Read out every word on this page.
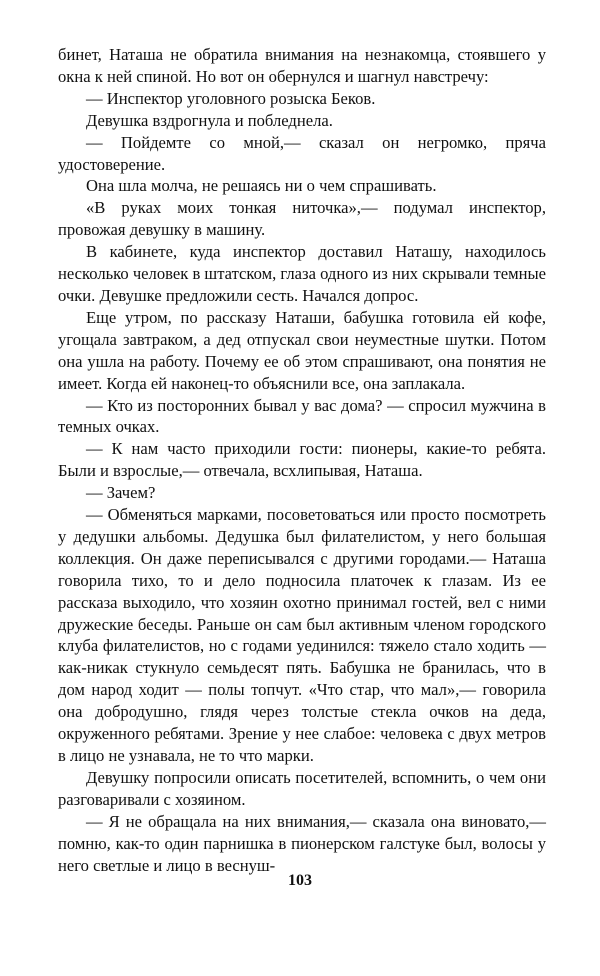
бинет, Наташа не обратила внимания на незнакомца, стоявшего у окна к ней спиной. Но вот он обернулся и шагнул навстречу:

— Инспектор уголовного розыска Беков.

Девушка вздрогнула и побледнела.

— Пойдемте со мной,— сказал он негромко, пряча удостоверение.

Она шла молча, не решаясь ни о чем спрашивать.

«В руках моих тонкая ниточка»,— подумал инспектор, провожая девушку в машину.

В кабинете, куда инспектор доставил Наташу, находилось несколько человек в штатском, глаза одного из них скрывали темные очки. Девушке предложили сесть. Начался допрос.

Еще утром, по рассказу Наташи, бабушка готовила ей кофе, угощала завтраком, а дед отпускал свои неуместные шутки. Потом она ушла на работу. Почему ее об этом спрашивают, она понятия не имеет. Когда ей наконец-то объяснили все, она заплакала.

— Кто из посторонних бывал у вас дома? — спросил мужчина в темных очках.

— К нам часто приходили гости: пионеры, какие-то ребята. Были и взрослые,— отвечала, всхлипывая, Наташа.

— Зачем?

— Обменяться марками, посоветоваться или просто посмотреть у дедушки альбомы. Дедушка был филателистом, у него большая коллекция. Он даже переписывался с другими городами.— Наташа говорила тихо, то и дело подносила платочек к глазам. Из ее рассказа выходило, что хозяин охотно принимал гостей, вел с ними дружеские беседы. Раньше он сам был активным членом городского клуба филателистов, но с годами уединился: тяжело стало ходить — как-никак стукнуло семьдесят пять. Бабушка не бранилась, что в дом народ ходит — полы топчут. «Что стар, что мал»,— говорила она добродушно, глядя через толстые стекла очков на деда, окруженного ребятами. Зрение у нее слабое: человека с двух метров в лицо не узнавала, не то что марки.

Девушку попросили описать посетителей, вспомнить, о чем они разговаривали с хозяином.

— Я не обращала на них внимания,— сказала она виновато,— помню, как-то один парнишка в пионерском галстуке был, волосы у него светлые и лицо в веснуш-

103
